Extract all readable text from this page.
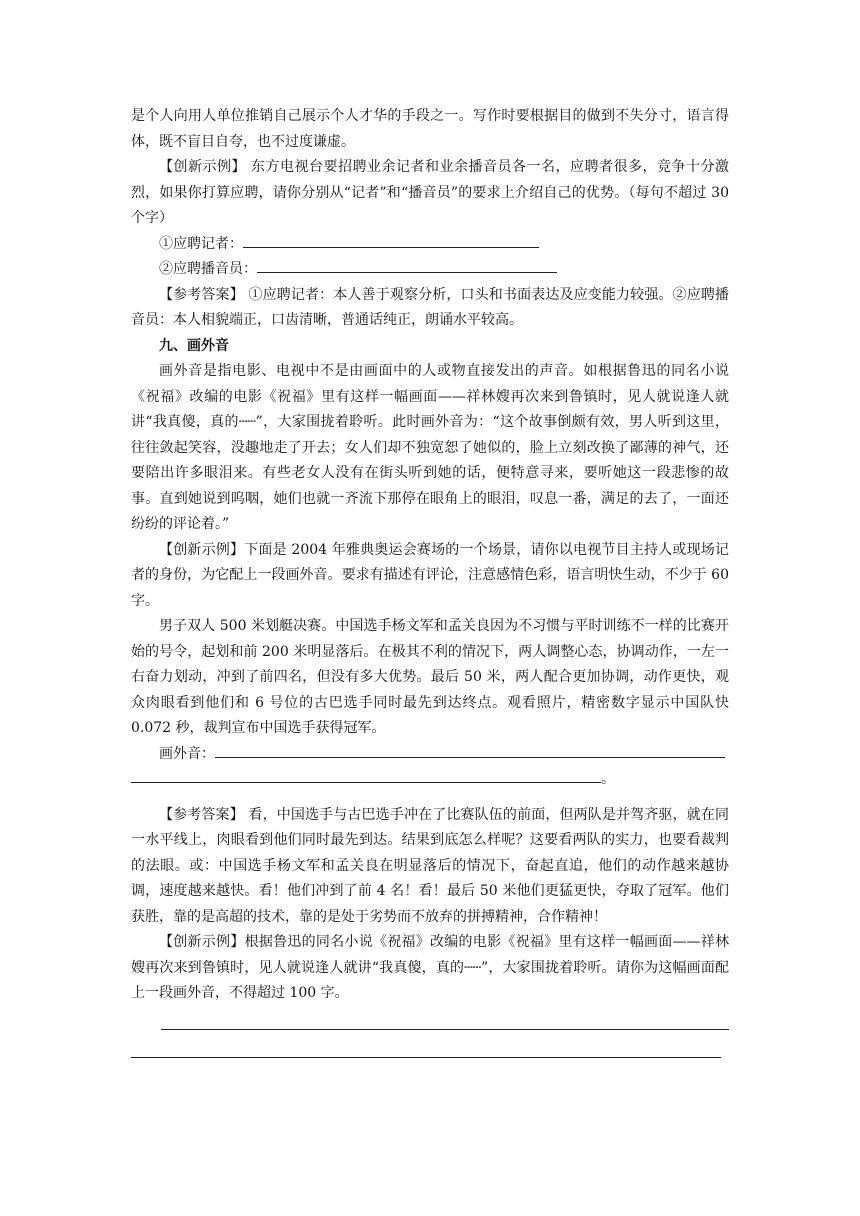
是个人向用人单位推销自己展示个人才华的手段之一。写作时要根据目的做到不失分寸，语言得体，既不盲目自夸，也不过度谦虚。

【创新示例】 东方电视台要招聘业余记者和业余播音员各一名，应聘者很多，竞争十分激烈，如果你打算应聘，请你分别从“记者”和“播音员”的要求上介绍自己的优势。（每句不超过 30 个字）

①应聘记者：

②应聘播音员：

【参考答案】 ①应聘记者：本人善于观察分析，口头和书面表达及应变能力较强。②应聘播音员：本人相貌端正，口齿清晰，普通话纯正，朗诵水平较高。

九、画外音

画外音是指电影、电视中不是由画面中的人或物直接发出的声音。如根据鲁迅的同名小说《祝福》改编的电影《祝福》里有这样一幅画面——祥林嫂再次来到鲁镇时，见人就说逢人就讲“我真傻，真的┄┄”，大家围拢着聆听。此时画外音为：“这个故事倒颇有效，男人听到这里，往往敛起笑容，没趣地走了开去；女人们却不独宽恕了她似的，脸上立刻改换了鄙薄的神气，还要陪出许多眼泪来。有些老女人没有在街头听到她的话，便特意寻来，要听她这一段悲惨的故事。直到她说到呜咽，她们也就一齐流下那停在眼角上的眼泪，叹息一番，满足的去了，一面还纷纷的评论着。”

【创新示例】下面是 2004 年雅典奥运会赛场的一个场景，请你以电视节目主持人或现场记者的身份，为它配上一段画外音。要求有描述有评论，注意感情色彩，语言明快生动，不少于 60 字。

男子双人 500 米划艇决赛。中国选手杨文军和孟关良因为不习惯与平时训练不一样的比赛开始的号令，起划和前 200 米明显落后。在极其不利的情况下，两人调整心态，协调动作，一左一右奋力划动，冲到了前四名，但没有多大优势。最后 50 米，两人配合更加协调，动作更快，观众肉眼看到他们和 6 号位的古巴选手同时最先到达终点。观看照片，精密数字显示中国队快 0.072 秒，裁判宣布中国选手获得冠军。

画外音：

。

【参考答案】 看，中国选手与古巴选手冲在了比赛队伍的前面，但两队是并驾齐驱，就在同一水平线上，肉眼看到他们同时最先到达。结果到底怎么样呢？这要看两队的实力，也要看裁判的法眼。或：中国选手杨文军和孟关良在明显落后的情况下，奋起直追，他们的动作越来越协调，速度越来越快。看！他们冲到了前 4 名！看！最后 50 米他们更猛更快，夺取了冠军。他们获胜，靠的是高超的技术，靠的是处于劣势而不放弃的拼搏精神，合作精神！

【创新示例】根据鲁迅的同名小说《祝福》改编的电影《祝福》里有这样一幅画面——祥林嫂再次来到鲁镇时，见人就说逢人就讲“我真傻，真的┄┄”，大家围拢着聆听。请你为这幅画面配上一段画外音，不得超过 100 字。
